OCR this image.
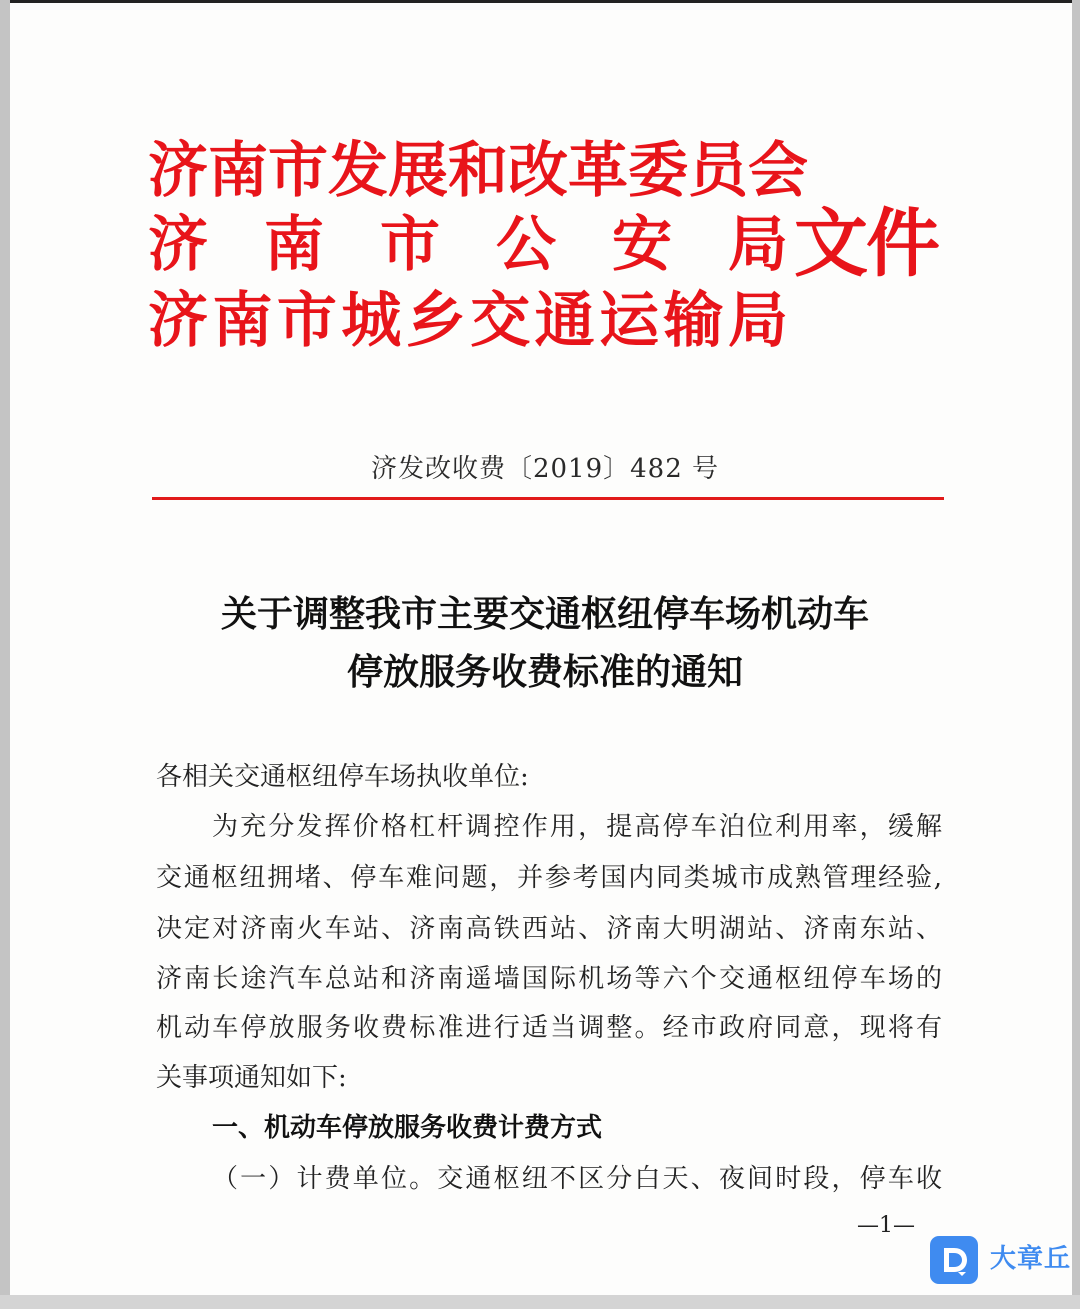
济 南 市 发 展 和 改 革 委 员 会
济 南 市 公 安 局
济 南 市 城 乡 交 通 运 输 局
文件
济发改收费〔2019〕482 号
关于调整我市主要交通枢纽停车场机动车
停放服务收费标准的通知
各相关交通枢纽停车场执收单位:
为充分发挥价格杠杆调控作用，提高停车泊位利用率，缓解
交通枢纽拥堵、停车难问题，并参考国内同类城市成熟管理经验,
决定对济南火车站、济南高铁西站、济南大明湖站、济南东站、
济南长途汽车总站和济南遥墙国际机场等六个交通枢纽停车场的
机动车停放服务收费标准进行适当调整。经市政府同意，现将有
关事项通知如下:
一、机动车停放服务收费计费方式
（一）计费单位。交通枢纽不区分白天、夜间时段，停车收
—1—
大章丘
